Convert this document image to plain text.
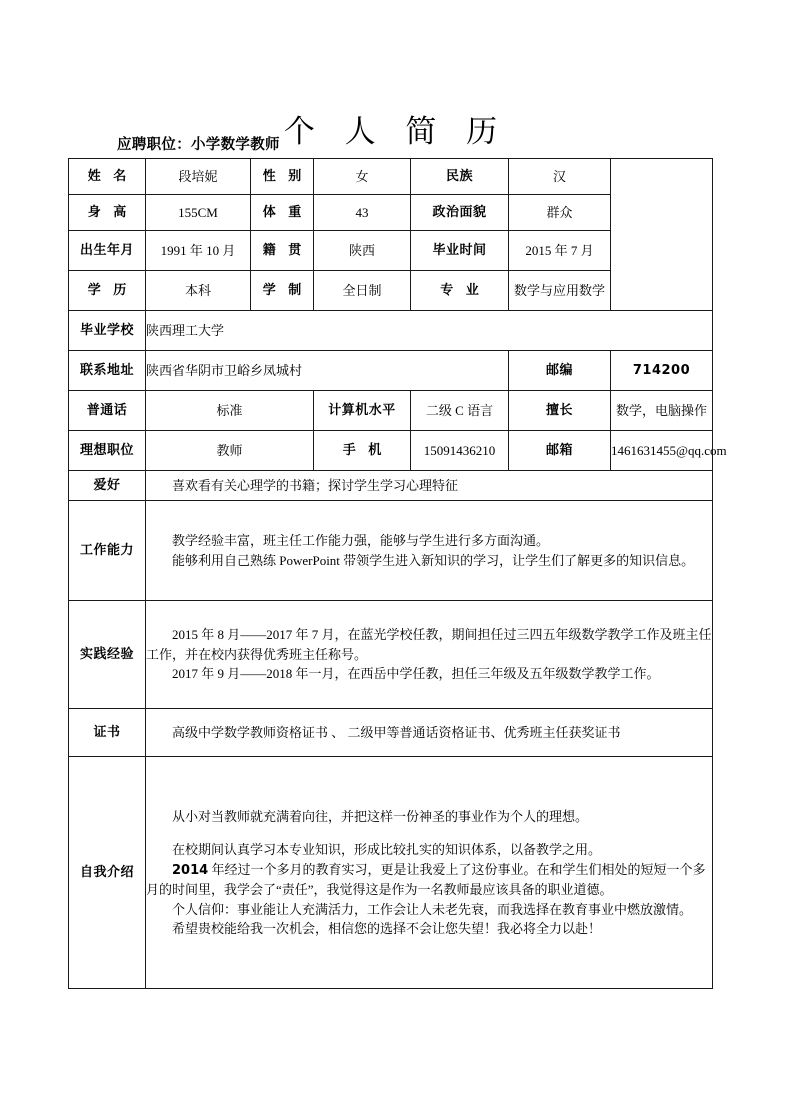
个 人 简 历
应聘职位：小学数学教师
姓 名	段培妮	性 别	女	民族	汉	
身 高	155CM	体 重	43	政治面貌	群众	
出生年月	1991 年 10 月	籍 贯	陕西	毕业时间	2015 年 7 月	
学 历	本科	学 制	全日制	专 业	数学与应用数学	
毕业学校	陕西理工大学					
联系地址	陕西省华阴市卫峪乡凤城村				邮编	714200
普通话	标准		计算机水平	二级 C 语言	擅长	数学，电脑操作
理想职位	教师		手 机	15091436210	邮箱	1461631455@qq.com
爱好	喜欢看有关心理学的书籍；探讨学生学习心理特征					

工作能力	教学经验丰富，班主任工作能力强，能够与学生进行多方面沟通。

能够利用自己熟练 PowerPoint 带领学生进入新知识的学习，让学生们了解更多的知识信息。					

实践经验	2015 年 8 月——2017 年 7 月，在蓝光学校任教，期间担任过三四五年级数学教学工作及班主任工作，并在校内获得优秀班主任称号。

2017 年 9 月——2018 年一月，在西岳中学任教，担任三年级及五年级数学教学工作。					

证书	高级中学数学教师资格证书 、 二级甲等普通话资格证书、优秀班主任获奖证书					

自我介绍	从小对当教师就充满着向往，并把这样一份神圣的事业作为个人的理想。

在校期间认真学习本专业知识，形成比较扎实的知识体系，以备教学之用。

2014 年经过一个多月的教育实习，更是让我爱上了这份事业。在和学生们相处的短短一个多月的时间里，我学会了“责任”，我觉得这是作为一名教师最应该具备的职业道德。

个人信仰：事业能让人充满活力，工作会让人未老先衰，而我选择在教育事业中燃放激情。

希望贵校能给我一次机会，相信您的选择不会让您失望！我必将全力以赴！					
